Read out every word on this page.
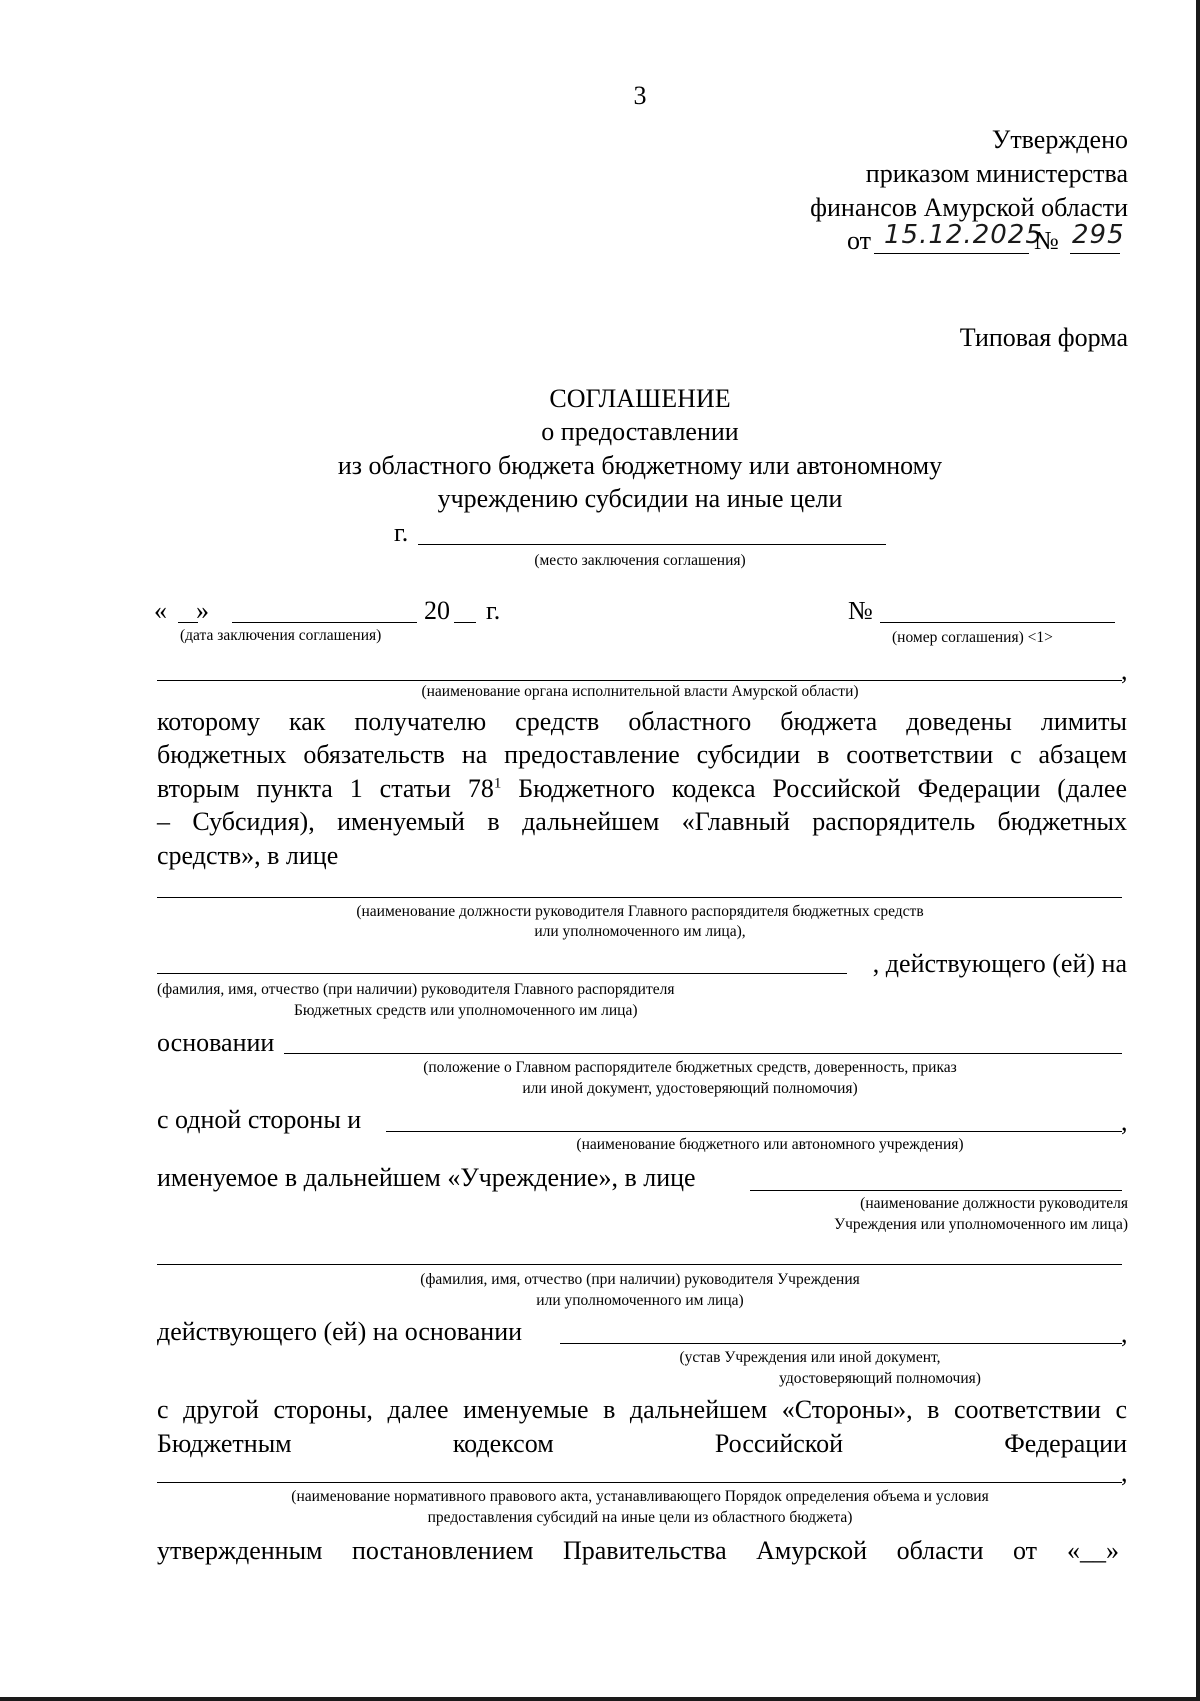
3
Утверждено
приказом министерства
финансов Амурской области
от 15.12.2025
№ 295
Типовая форма
СОГЛАШЕНИЕ
о предоставлении
из областного бюджета бюджетному или автономному
учреждению субсидии на иные цели
г.
(место заключения соглашения)
« »	20 г.
(дата заключения соглашения)
№
(номер соглашения) <1>
,
(наименование органа исполнительной власти Амурской области)
которому как получателю средств областного бюджета доведены лимиты
бюджетных обязательств на предоставление субсидии в соответствии с абзацем
вторым пункта 1 статьи $78^1$ Бюджетного кодекса Российской Федерации (далее
– Субсидия), именуемый в дальнейшем «Главный распорядитель бюджетных
средств», в лице
(наименование должности руководителя Главного распорядителя бюджетных средств
или уполномоченного им лица),
, действующего (ей) на
(фамилия, имя, отчество (при наличии) руководителя Главного распорядителя
Бюджетных средств или уполномоченного им лица)
основании
(положение о Главном распорядителе бюджетных средств, доверенность, приказ
или иной документ, удостоверяющий полномочия)
с одной стороны и	,
(наименование бюджетного или автономного учреждения)
именуемое в дальнейшем «Учреждение», в лице
(наименование должности руководителя
Учреждения или уполномоченного им лица)
(фамилия, имя, отчество (при наличии) руководителя Учреждения
или уполномоченного им лица)
действующего (ей) на основании	,
(устав Учреждения или иной документ,
удостоверяющий полномочия)
с другой стороны, далее именуемые в дальнейшем «Стороны», в соответствии с
Бюджетным кодексом Российской Федерации
,
(наименование нормативного правового акта, устанавливающего Порядок определения объема и условия
предоставления субсидий на иные цели из областного бюджета)
утвержденным постановлением Правительства Амурской области от «__»
